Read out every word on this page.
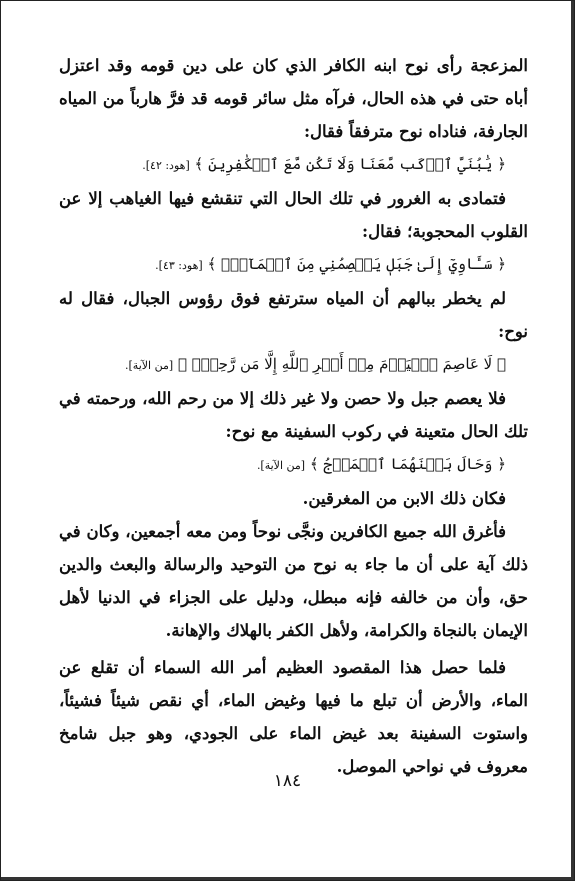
المزعجة رأى نوح ابنه الكافر الذي كان على دين قومه وقد اعتزل أباه حتى في هذه الحال، فرآه مثل سائر قومه قد فرَّ هارباً من المياه الجارفة، فناداه نوح مترفقاً فقال:

﴿ يَٰبُنَيَّ ٱرۡكَب مَّعَنَا وَلَا تَكُن مَّعَ ٱلۡكَٰفِرِينَ ﴾ [هود: ٤٢].

فتمادى به الغرور في تلك الحال التي تنقشع فيها الغياهب إلا عن القلوب المحجوبة؛ فقال:

﴿ سَـَٔاوِيٓ إِلَىٰ جَبَلٖ يَعۡصِمُنِي مِنَ ٱلۡمَآءِۚ ﴾ [هود: ٤٣].

لم يخطر ببالهم أن المياه سترتفع فوق رؤوس الجبال، فقال له نوح:

﴿ لَا عَاصِمَ ٱلۡيَوۡمَ مِنۡ أَمۡرِ ٱللَّهِ إِلَّا مَن رَّحِمَۚ ﴾ [من الآية].

فلا يعصم جبل ولا حصن ولا غير ذلك إلا من رحم الله، ورحمته في تلك الحال متعينة في ركوب السفينة مع نوح:

﴿ وَحَالَ بَيۡنَهُمَا ٱلۡمَوۡجُ ﴾ [من الآية].

فكان ذلك الابن من المغرقين.

فأغرق الله جميع الكافرين ونجَّى نوحاً ومن معه أجمعين، وكان في ذلك آية على أن ما جاء به نوح من التوحيد والرسالة والبعث والدين حق، وأن من خالفه فإنه مبطل، ودليل على الجزاء في الدنيا لأهل الإيمان بالنجاة والكرامة، ولأهل الكفر بالهلاك والإهانة.

فلما حصل هذا المقصود العظيم أمر الله السماء أن تقلع عن الماء، والأرض أن تبلع ما فيها وغيض الماء، أي نقص شيئاً فشيئاً، واستوت السفينة بعد غيض الماء على الجودي، وهو جبل شامخ معروف في نواحي الموصل.

١٨٤
